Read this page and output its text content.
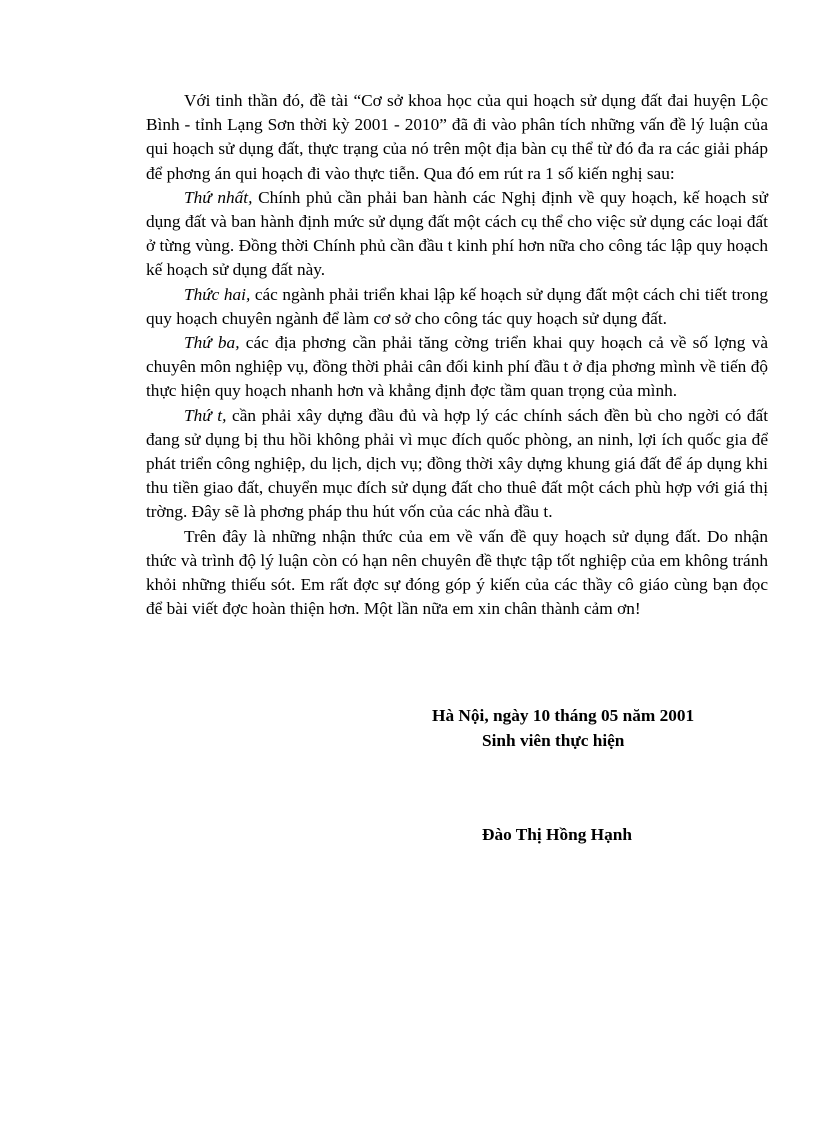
Với tinh thần đó, đề tài “Cơ sở khoa học của qui hoạch sử dụng đất đai huyện Lộc Bình - tỉnh Lạng Sơn thời kỳ 2001 - 2010” đã đi vào phân tích những vấn đề lý luận của qui hoạch sử dụng đất, thực trạng của nó trên một địa bàn cụ thể từ đó đa ra các giải pháp để phơng án qui hoạch đi vào thực tiễn. Qua đó em rút ra 1 số kiến nghị sau:

Thứ nhất, Chính phủ cần phải ban hành các Nghị định về quy hoạch, kế hoạch sử dụng đất và ban hành định mức sử dụng đất một cách cụ thể cho việc sử dụng các loại đất ở từng vùng. Đồng thời Chính phủ cần đầu t kinh phí hơn nữa cho công tác lập quy hoạch kế hoạch sử dụng đất này.

Thức hai, các ngành phải triển khai lập kế hoạch sử dụng đất một cách chi tiết trong quy hoạch chuyên ngành để làm cơ sở cho công tác quy hoạch sử dụng đất.

Thứ ba, các địa phơng cần phải tăng cờng triển khai quy hoạch cả về số lợng và chuyên môn nghiệp vụ, đồng thời phải cân đối kinh phí đầu t ở địa phơng mình về tiến độ thực hiện quy hoạch nhanh hơn và khẳng định đợc tầm quan trọng của mình.

Thứ t, cần phải xây dựng đầu đủ và hợp lý các chính sách đền bù cho ngời có đất đang sử dụng bị thu hồi không phải vì mục đích quốc phòng, an ninh, lợi ích quốc gia để phát triển công nghiệp, du lịch, dịch vụ; đồng thời xây dựng khung giá đất để áp dụng khi thu tiền giao đất, chuyển mục đích sử dụng đất cho thuê đất một cách phù hợp với giá thị trờng. Đây sẽ là phơng pháp thu hút vốn của các nhà đầu t.

Trên đây là những nhận thức của em về vấn đề quy hoạch sử dụng đất. Do nhận thức và trình độ lý luận còn có hạn nên chuyên đề thực tập tốt nghiệp của em không tránh khỏi những thiếu sót. Em rất đợc sự đóng góp ý kiến của các thầy cô giáo cùng bạn đọc để bài viết đợc hoàn thiện hơn. Một lần nữa em xin chân thành cảm ơn!

Hà Nội, ngày 10 tháng 05 năm 2001
Sinh viên thực hiện
Đào Thị Hồng Hạnh
